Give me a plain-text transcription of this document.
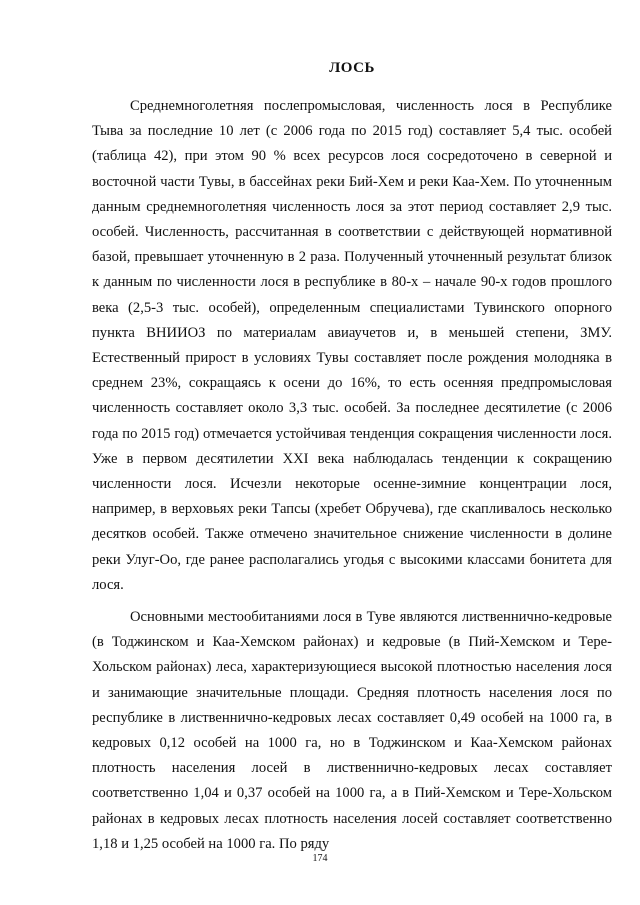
ЛОСЬ

Среднемноголетняя послепромысловая, численность лося в Республике Тыва за последние 10 лет (с 2006 года по 2015 год) составляет 5,4 тыс. особей (таблица 42), при этом 90 % всех ресурсов лося сосредоточено в северной и восточной части Тувы, в бассейнах реки Бий-Хем и реки Каа-Хем. По уточненным данным среднемноголетняя численность лося за этот период составляет 2,9 тыс. особей. Численность, рассчитанная в соответствии с действующей нормативной базой, превышает уточненную в 2 раза. Полученный уточненный результат близок к данным по численности лося в республике в 80-х – начале 90-х годов прошлого века (2,5-3 тыс. особей), определенным специалистами Тувинского опорного пункта ВНИИОЗ по материалам авиаучетов и, в меньшей степени, ЗМУ. Естественный прирост в условиях Тувы составляет после рождения молодняка в среднем 23%, сокращаясь к осени до 16%, то есть осенняя предпромысловая численность составляет около 3,3 тыс. особей. За последнее десятилетие (с 2006 года по 2015 год) отмечается устойчивая тенденция сокращения численности лося. Уже в первом десятилетии XXI века наблюдалась тенденции к сокращению численности лося. Исчезли некоторые осенне-зимние концентрации лося, например, в верховьях реки Тапсы (хребет Обручева), где скапливалось несколько десятков особей. Также отмечено значительное снижение численности в долине реки Улуг-Оо, где ранее располагались угодья с высокими классами бонитета для лося.

Основными местообитаниями лося в Туве являются лиственнично-кедровые (в Тоджинском и Каа-Хемском районах) и кедровые (в Пий-Хемском и Тере-Хольском районах) леса, характеризующиеся высокой плотностью населения лося и занимающие значительные площади. Средняя плотность населения лося по республике в лиственнично-кедровых лесах составляет 0,49 особей на 1000 га, в кедровых 0,12 особей на 1000 га, но в Тоджинском и Каа-Хемском районах плотность населения лосей в лиственнично-кедровых лесах составляет соответственно 1,04 и 0,37 особей на 1000 га, а в Пий-Хемском и Тере-Хольском районах в кедровых лесах плотность населения лосей составляет соответственно 1,18 и 1,25 особей на 1000 га. По ряду

174
